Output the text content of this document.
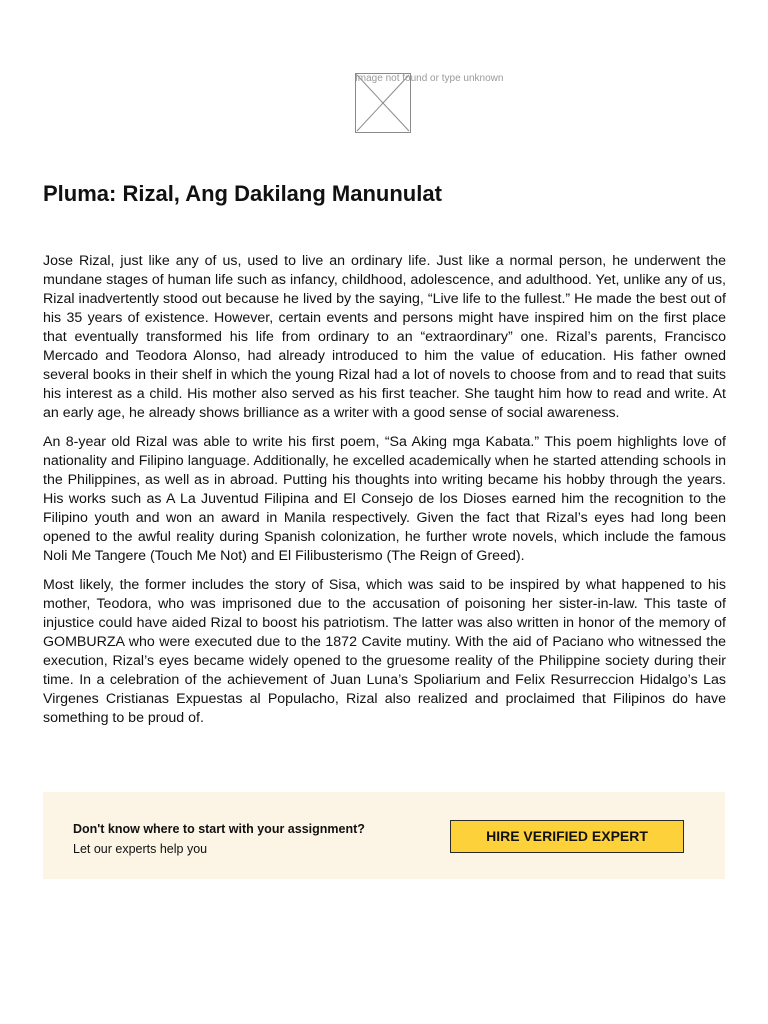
Image not found or type unknown
Pluma: Rizal, Ang Dakilang Manunulat

Jose Rizal, just like any of us, used to live an ordinary life. Just like a normal person, he underwent the mundane stages of human life such as infancy, childhood, adolescence, and adulthood. Yet, unlike any of us, Rizal inadvertently stood out because he lived by the saying, “Live life to the fullest.” He made the best out of his 35 years of existence. However, certain events and persons might have inspired him on the first place that eventually transformed his life from ordinary to an “extraordinary” one. Rizal’s parents, Francisco Mercado and Teodora Alonso, had already introduced to him the value of education. His father owned several books in their shelf in which the young Rizal had a lot of novels to choose from and to read that suits his interest as a child. His mother also served as his first teacher. She taught him how to read and write. At an early age, he already shows brilliance as a writer with a good sense of social awareness.

An 8-year old Rizal was able to write his first poem, “Sa Aking mga Kabata.” This poem highlights love of nationality and Filipino language. Additionally, he excelled academically when he started attending schools in the Philippines, as well as in abroad. Putting his thoughts into writing became his hobby through the years. His works such as A La Juventud Filipina and El Consejo de los Dioses earned him the recognition to the Filipino youth and won an award in Manila respectively. Given the fact that Rizal’s eyes had long been opened to the awful reality during Spanish colonization, he further wrote novels, which include the famous Noli Me Tangere (Touch Me Not) and El Filibusterismo (The Reign of Greed).

Most likely, the former includes the story of Sisa, which was said to be inspired by what happened to his mother, Teodora, who was imprisoned due to the accusation of poisoning her sister-in-law. This taste of injustice could have aided Rizal to boost his patriotism. The latter was also written in honor of the memory of GOMBURZA who were executed due to the 1872 Cavite mutiny. With the aid of Paciano who witnessed the execution, Rizal’s eyes became widely opened to the gruesome reality of the Philippine society during their time. In a celebration of the achievement of Juan Luna’s Spoliarium and Felix Resurreccion Hidalgo’s Las Virgenes Cristianas Expuestas al Populacho, Rizal also realized and proclaimed that Filipinos do have something to be proud of.

Don't know where to start with your assignment?
Let our experts help you
HIRE VERIFIED EXPERT
